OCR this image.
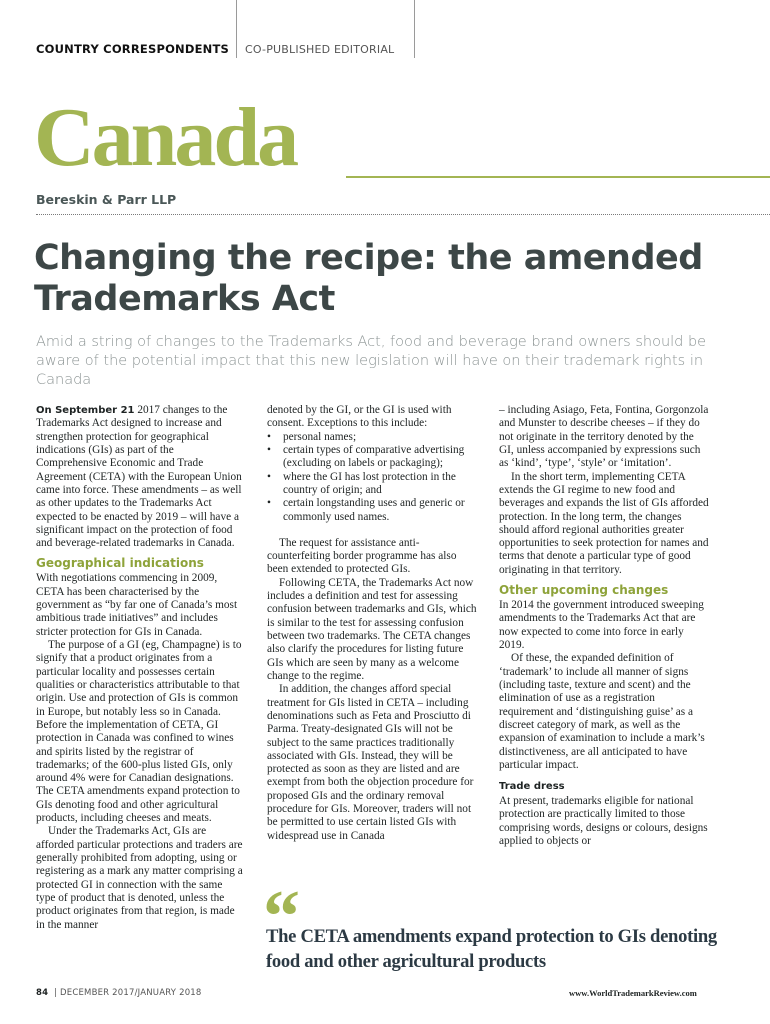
COUNTRY CORRESPONDENTS CO-PUBLISHED EDITORIAL
Canada
Bereskin & Parr LLP
Changing the recipe: the amended Trademarks Act
Amid a string of changes to the Trademarks Act, food and beverage brand owners should be aware of the potential impact that this new legislation will have on their trademark rights in Canada

On September 21 2017 changes to the Trademarks Act designed to increase and strengthen protection for geographical indications (GIs) as part of the Comprehensive Economic and Trade Agreement (CETA) with the European Union came into force. These amendments – as well as other updates to the Trademarks Act expected to be enacted by 2019 – will have a significant impact on the protection of food and beverage-related trademarks in Canada.

Geographical indications

With negotiations commencing in 2009, CETA has been characterised by the government as “by far one of Canada’s most ambitious trade initiatives” and includes stricter protection for GIs in Canada.

The purpose of a GI (eg, Champagne) is to signify that a product originates from a particular locality and possesses certain qualities or characteristics attributable to that origin. Use and protection of GIs is common in Europe, but notably less so in Canada. Before the implementation of CETA, GI protection in Canada was confined to wines and spirits listed by the registrar of trademarks; of the 600-plus listed GIs, only around 4% were for Canadian designations. The CETA amendments expand protection to GIs denoting food and other agricultural products, including cheeses and meats.

Under the Trademarks Act, GIs are afforded particular protections and traders are generally prohibited from adopting, using or registering as a mark any matter comprising a protected GI in connection with the same type of product that is denoted, unless the product originates from that region, is made in the manner

denoted by the GI, or the GI is used with consent. Exceptions to this include:

• personal names;
• certain types of comparative advertising (excluding on labels or packaging);
• where the GI has lost protection in the country of origin; and
• certain longstanding uses and generic or commonly used names.

The request for assistance anti-counterfeiting border programme has also been extended to protected GIs.

Following CETA, the Trademarks Act now includes a definition and test for assessing confusion between trademarks and GIs, which is similar to the test for assessing confusion between two trademarks. The CETA changes also clarify the procedures for listing future GIs which are seen by many as a welcome change to the regime.

In addition, the changes afford special treatment for GIs listed in CETA – including denominations such as Feta and Prosciutto di Parma. Treaty-designated GIs will not be subject to the same practices traditionally associated with GIs. Instead, they will be protected as soon as they are listed and are exempt from both the objection procedure for proposed GIs and the ordinary removal procedure for GIs. Moreover, traders will not be permitted to use certain listed GIs with widespread use in Canada

– including Asiago, Feta, Fontina, Gorgonzola and Munster to describe cheeses – if they do not originate in the territory denoted by the GI, unless accompanied by expressions such as ‘kind’, ‘type’, ‘style’ or ‘imitation’.

In the short term, implementing CETA extends the GI regime to new food and beverages and expands the list of GIs afforded protection. In the long term, the changes should afford regional authorities greater opportunities to seek protection for names and terms that denote a particular type of good originating in that territory.

Other upcoming changes

In 2014 the government introduced sweeping amendments to the Trademarks Act that are now expected to come into force in early 2019.

Of these, the expanded definition of ‘trademark’ to include all manner of signs (including taste, texture and scent) and the elimination of use as a registration requirement and ‘distinguishing guise’ as a discreet category of mark, as well as the expansion of examination to include a mark’s distinctiveness, are all anticipated to have particular impact.

Trade dress

At present, trademarks eligible for national protection are practically limited to those comprising words, designs or colours, designs applied to objects or

“
The CETA amendments expand protection to GIs denoting food and other agricultural products
84 | DECEMBER 2017/JANUARY 2018	www.WorldTrademarkReview.com
